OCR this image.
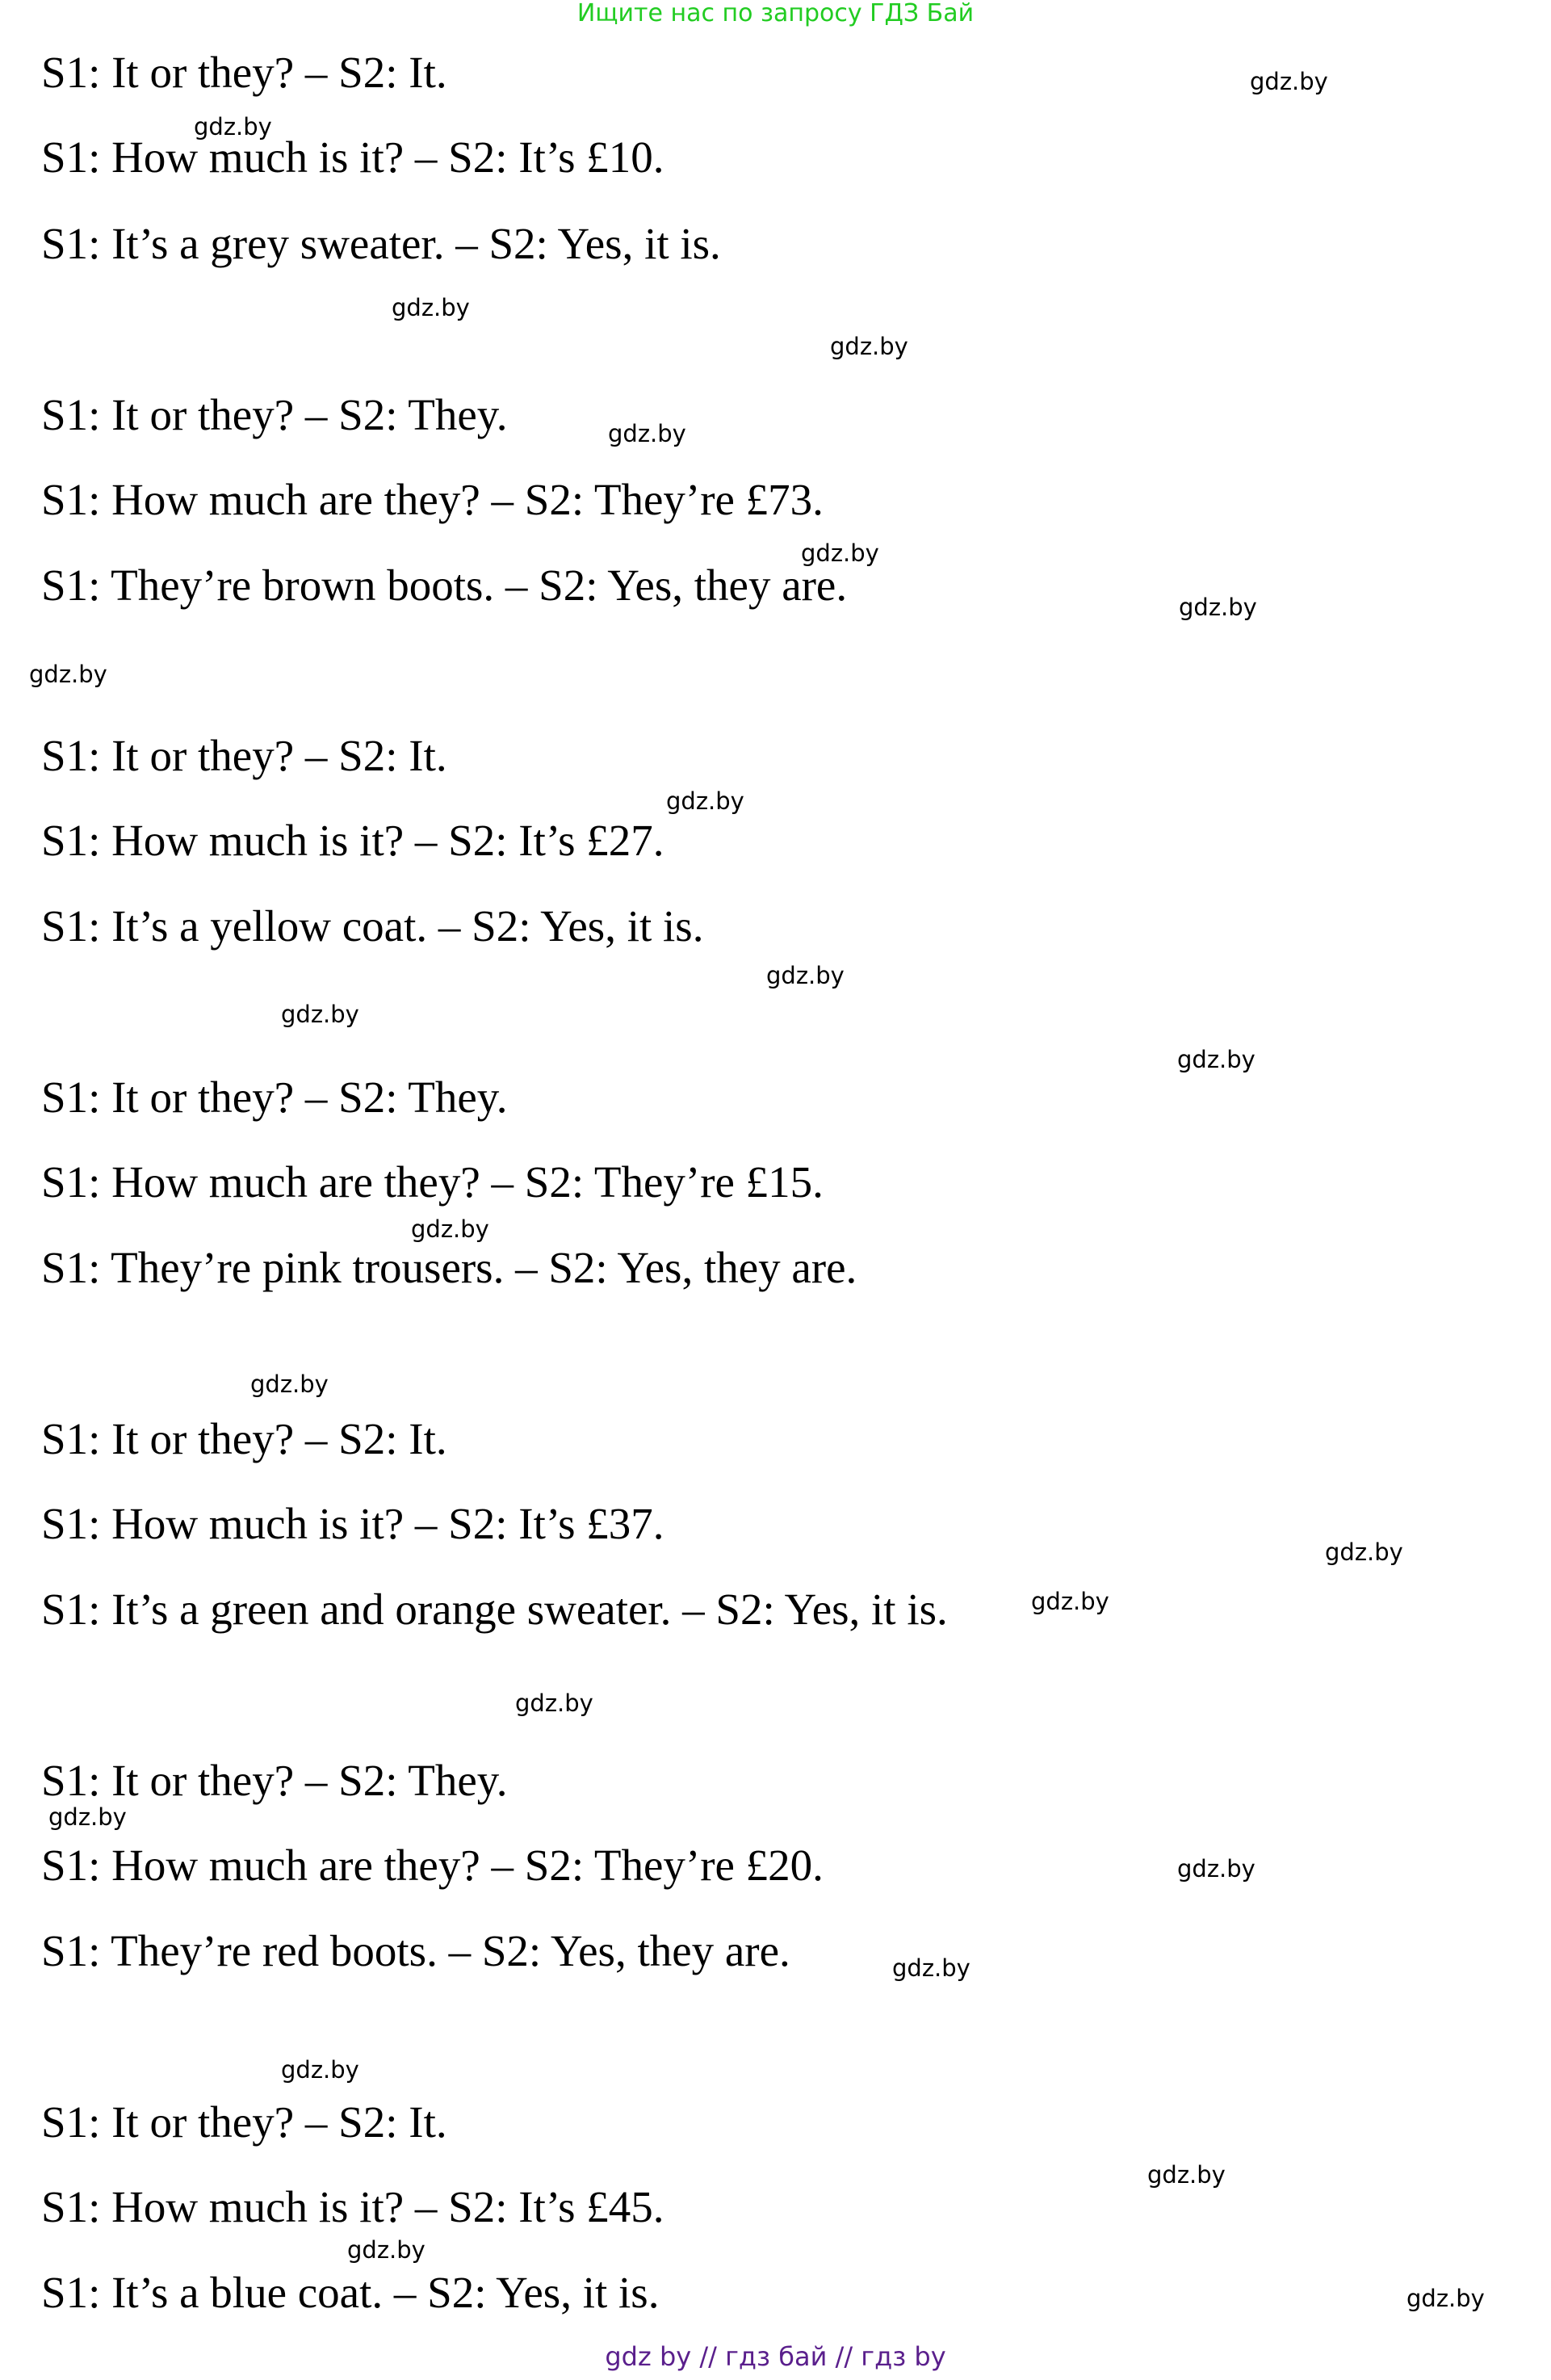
Ищите нас по запросу ГДЗ Бай
S1: It or they? – S2: It.
S1: How much is it? – S2: It’s £10.
S1: It’s a grey sweater. – S2: Yes, it is.
S1: It or they? – S2: They.
S1: How much are they? – S2: They’re £73.
S1: They’re brown boots. – S2: Yes, they are.
S1: It or they? – S2: It.
S1: How much is it? – S2: It’s £27.
S1: It’s a yellow coat. – S2: Yes, it is.
S1: It or they? – S2: They.
S1: How much are they? – S2: They’re £15.
S1: They’re pink trousers. – S2: Yes, they are.
S1: It or they? – S2: It.
S1: How much is it? – S2: It’s £37.
S1: It’s a green and orange sweater. – S2: Yes, it is.
S1: It or they? – S2: They.
S1: How much are they? – S2: They’re £20.
S1: They’re red boots. – S2: Yes, they are.
S1: It or they? – S2: It.
S1: How much is it? – S2: It’s £45.
S1: It’s a blue coat. – S2: Yes, it is.
gdz.by
gdz.by
gdz.by
gdz.by
gdz.by
gdz.by
gdz.by
gdz.by
gdz.by
gdz.by
gdz.by
gdz.by
gdz.by
gdz.by
gdz.by
gdz.by
gdz.by
gdz.by
gdz.by
gdz.by
gdz.by
gdz.by
gdz.by
gdz.by
gdz by // гдз бай // гдз by
